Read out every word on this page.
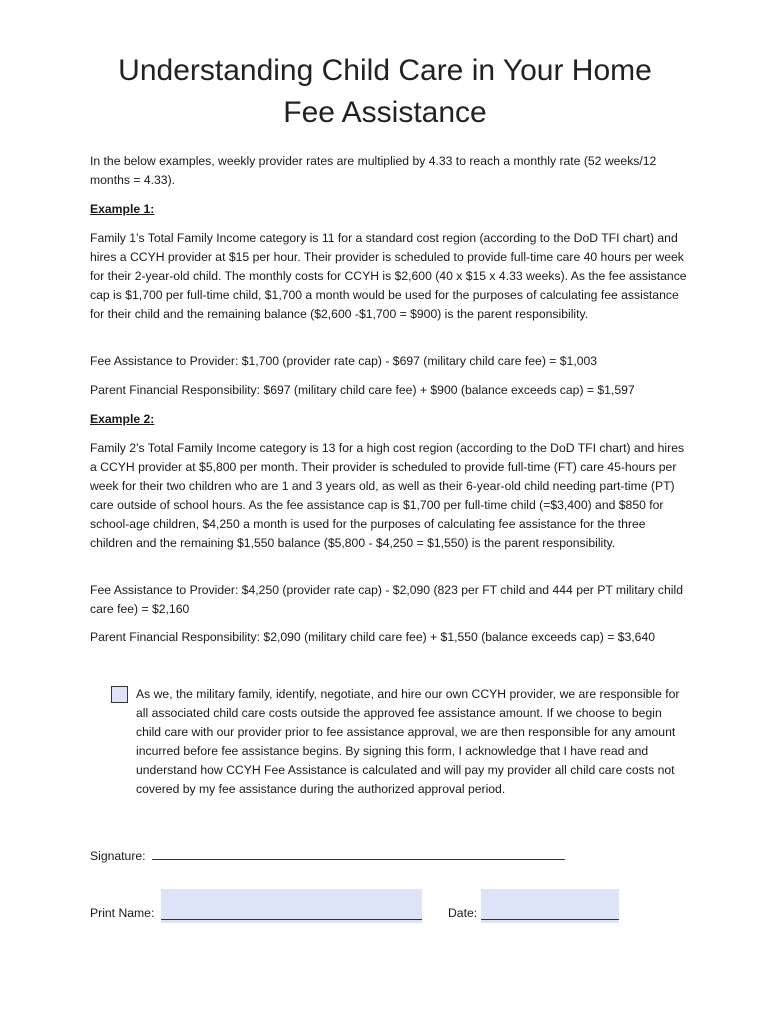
Understanding Child Care in Your Home
Fee Assistance
In the below examples, weekly provider rates are multiplied by 4.33 to reach a monthly rate (52 weeks/12 months = 4.33).
Example 1:
Family 1’s Total Family Income category is 11 for a standard cost region (according to the DoD TFI chart) and hires a CCYH provider at $15 per hour. Their provider is scheduled to provide full-time care 40 hours per week for their 2-year-old child. The monthly costs for CCYH is $2,600 (40 x $15 x 4.33 weeks). As the fee assistance cap is $1,700 per full-time child, $1,700 a month would be used for the purposes of calculating fee assistance for their child and the remaining balance ($2,600 -$1,700 = $900) is the parent responsibility.
Fee Assistance to Provider: $1,700 (provider rate cap) - $697 (military child care fee) = $1,003
Parent Financial Responsibility: $697 (military child care fee) + $900 (balance exceeds cap) = $1,597
Example 2:
Family 2’s Total Family Income category is 13 for a high cost region (according to the DoD TFI chart) and hires a CCYH provider at $5,800 per month. Their provider is scheduled to provide full-time (FT) care 45-hours per week for their two children who are 1 and 3 years old, as well as their 6-year-old child needing part-time (PT) care outside of school hours. As the fee assistance cap is $1,700 per full-time child (=$3,400) and $850 for school-age children, $4,250 a month is used for the purposes of calculating fee assistance for the three children and the remaining $1,550 balance ($5,800 - $4,250 = $1,550) is the parent responsibility.
Fee Assistance to Provider: $4,250 (provider rate cap) - $2,090 (823 per FT child and 444 per PT military child care fee) = $2,160
Parent Financial Responsibility: $2,090 (military child care fee) + $1,550 (balance exceeds cap) = $3,640
As we, the military family, identify, negotiate, and hire our own CCYH provider, we are responsible for all associated child care costs outside the approved fee assistance amount. If we choose to begin child care with our provider prior to fee assistance approval, we are then responsible for any amount incurred before fee assistance begins. By signing this form, I acknowledge that I have read and understand how CCYH Fee Assistance is calculated and will pay my provider all child care costs not covered by my fee assistance during the authorized approval period.
Signature:
Print Name:	Date:
